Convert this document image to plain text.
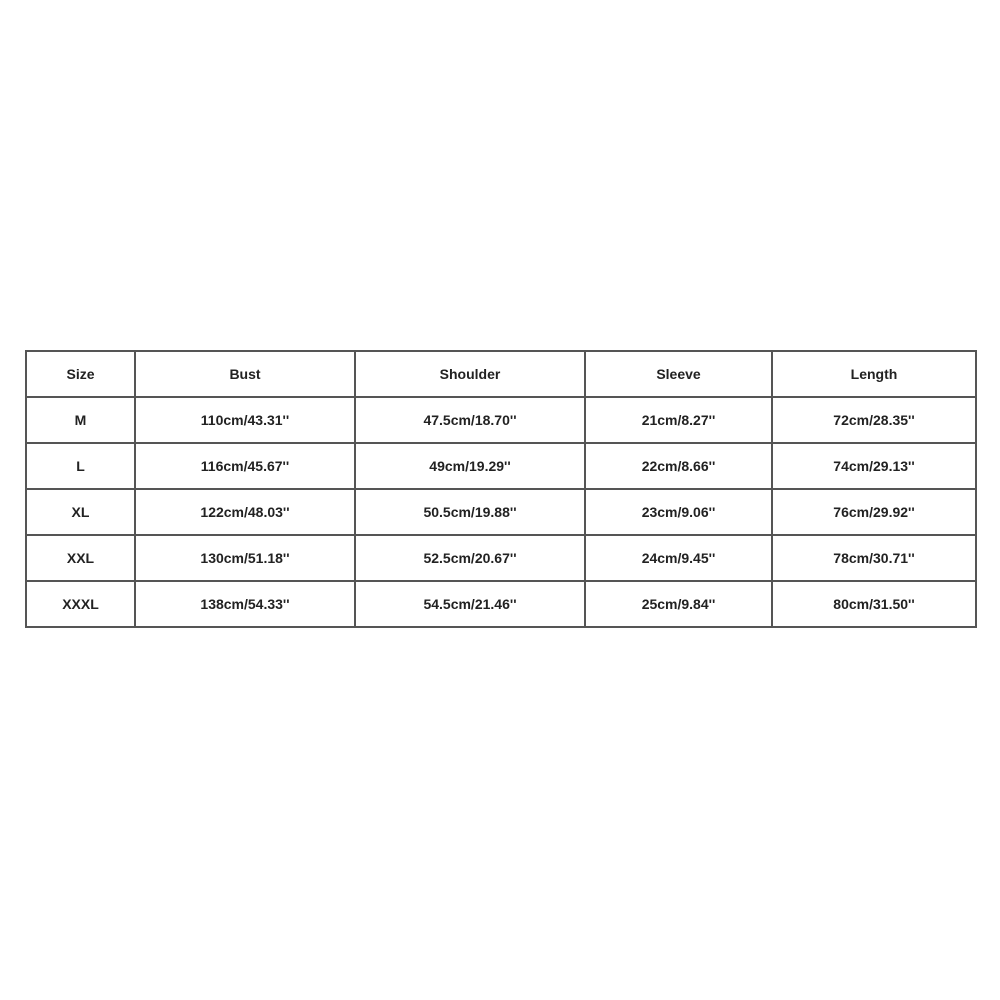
Size	Bust	Shoulder	Sleeve	Length
M	110cm/43.31''	47.5cm/18.70''	21cm/8.27''	72cm/28.35''
L	116cm/45.67''	49cm/19.29''	22cm/8.66''	74cm/29.13''
XL	122cm/48.03''	50.5cm/19.88''	23cm/9.06''	76cm/29.92''
XXL	130cm/51.18''	52.5cm/20.67''	24cm/9.45''	78cm/30.71''
XXXL	138cm/54.33''	54.5cm/21.46''	25cm/9.84''	80cm/31.50''
